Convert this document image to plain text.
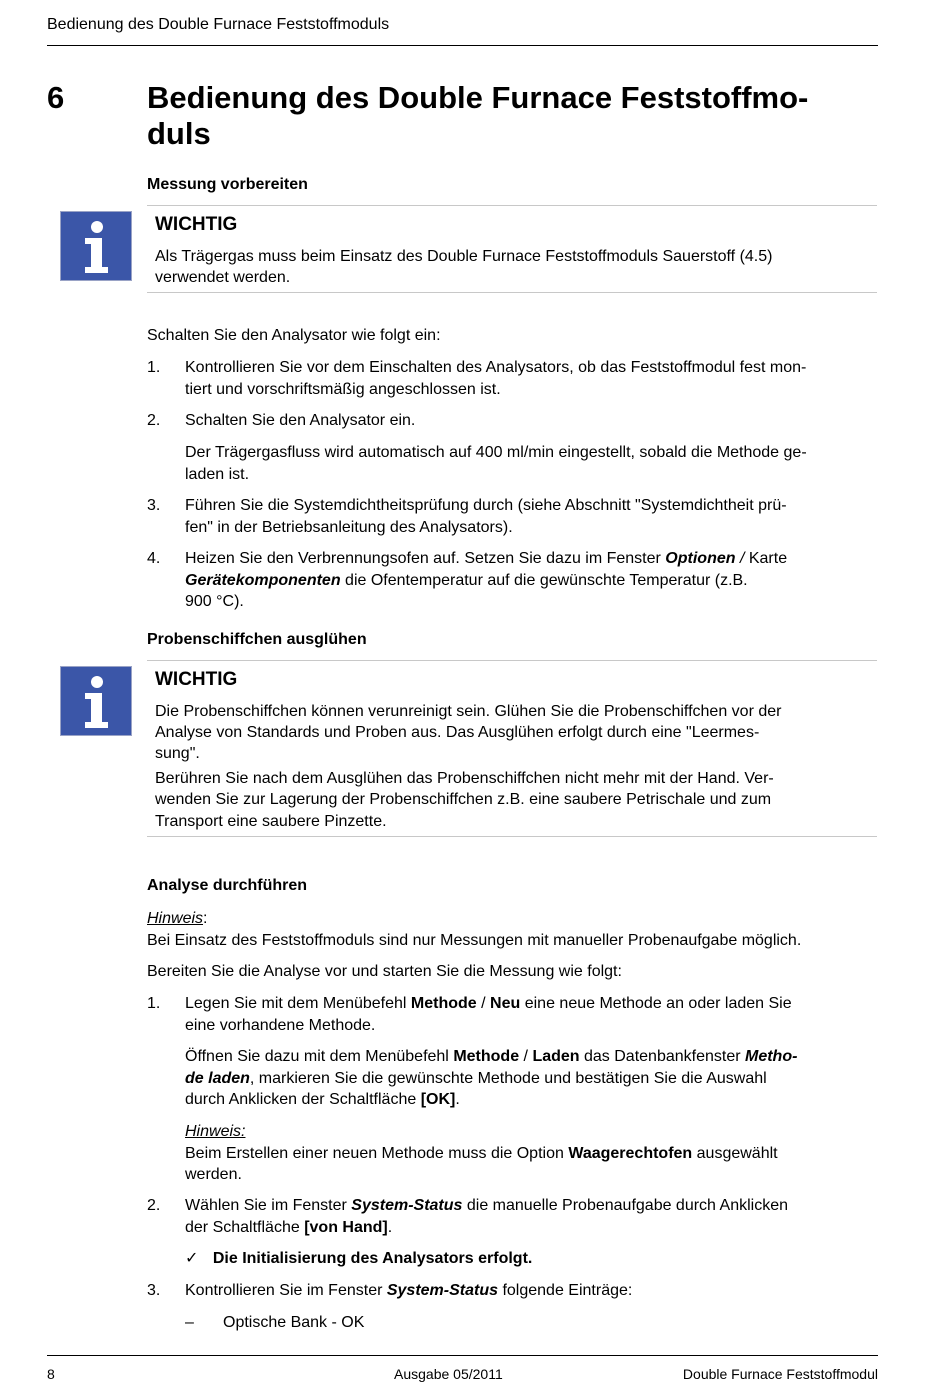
Bedienung des Double Furnace Feststoffmoduls
6	Bedienung des Double Furnace Feststoffmo-
duls
Messung vorbereiten
WICHTIG
Als Trägergas muss beim Einsatz des Double Furnace Feststoffmoduls Sauerstoff (4.5)
verwendet werden.
Schalten Sie den Analysator wie folgt ein:
1. Kontrollieren Sie vor dem Einschalten des Analysators, ob das Feststoffmodul fest mon-
tiert und vorschriftsmäßig angeschlossen ist.
2. Schalten Sie den Analysator ein.
Der Trägergasfluss wird automatisch auf 400 ml/min eingestellt, sobald die Methode ge-
laden ist.
3. Führen Sie die Systemdichtheitsprüfung durch (siehe Abschnitt "Systemdichtheit prü-
fen" in der Betriebsanleitung des Analysators).
4. Heizen Sie den Verbrennungsofen auf. Setzen Sie dazu im Fenster Optionen / Karte
Gerätekomponenten die Ofentemperatur auf die gewünschte Temperatur (z.B.
900 °C).
Probenschiffchen ausglühen
WICHTIG
Die Probenschiffchen können verunreinigt sein. Glühen Sie die Probenschiffchen vor der
Analyse von Standards und Proben aus. Das Ausglühen erfolgt durch eine "Leermes-
sung".
Berühren Sie nach dem Ausglühen das Probenschiffchen nicht mehr mit der Hand. Ver-
wenden Sie zur Lagerung der Probenschiffchen z.B. eine saubere Petrischale und zum
Transport eine saubere Pinzette.
Analyse durchführen
Hinweis:
Bei Einsatz des Feststoffmoduls sind nur Messungen mit manueller Probenaufgabe möglich.
Bereiten Sie die Analyse vor und starten Sie die Messung wie folgt:
1. Legen Sie mit dem Menübefehl Methode / Neu eine neue Methode an oder laden Sie
eine vorhandene Methode.
Öffnen Sie dazu mit dem Menübefehl Methode / Laden das Datenbankfenster Metho-
de laden, markieren Sie die gewünschte Methode und bestätigen Sie die Auswahl
durch Anklicken der Schaltfläche [OK].
Hinweis:
Beim Erstellen einer neuen Methode muss die Option Waagerechtofen ausgewählt
werden.
2. Wählen Sie im Fenster System-Status die manuelle Probenaufgabe durch Anklicken
der Schaltfläche [von Hand].
✓ Die Initialisierung des Analysators erfolgt.
3. Kontrollieren Sie im Fenster System-Status folgende Einträge:
– Optische Bank - OK
8	Ausgabe 05/2011	Double Furnace Feststoffmodul
